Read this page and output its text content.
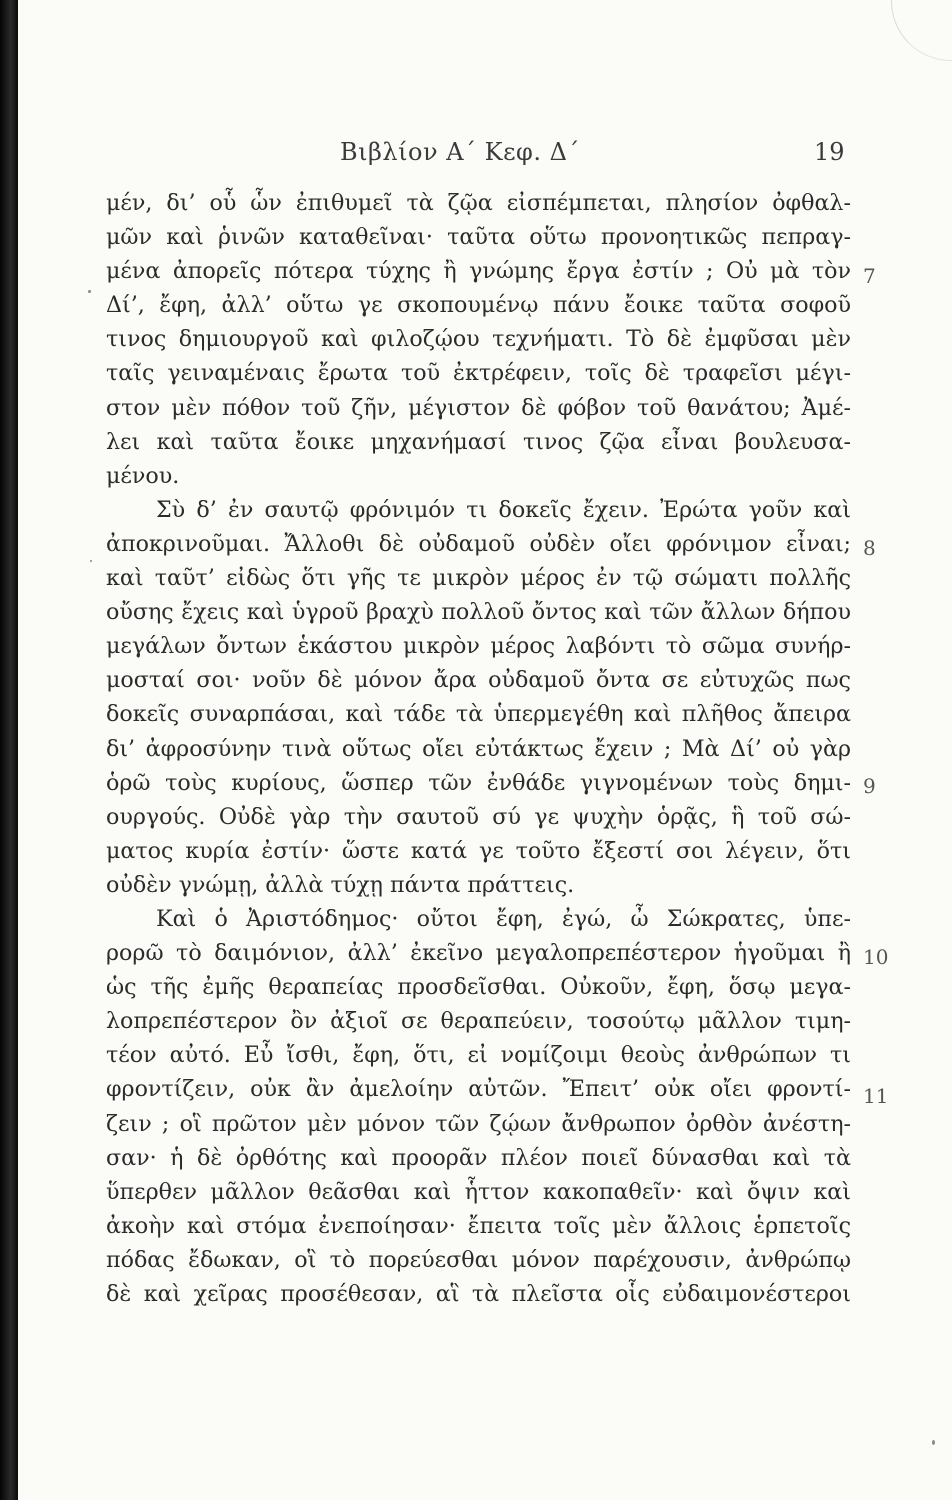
Βιβλίον Α΄ Κεφ. Δ΄	19
μέν, δι’ οὗ ὧν ἐπιθυμεῖ τὰ ζῷα εἰσπέμπεται, πλησίον ὀφθαλ-
μῶν καὶ ῥινῶν καταθεῖναι· ταῦτα οὕτω προνοητικῶς πεπραγ-
μένα ἀπορεῖς πότερα τύχης ἢ γνώμης ἔργα ἐστίν ; Οὐ μὰ τὸν
Δί’, ἔφη, ἀλλ’ οὕτω γε σκοπουμένῳ πάνυ ἔοικε ταῦτα σοφοῦ
τινος δημιουργοῦ καὶ φιλοζῴου τεχνήματι. Τὸ δὲ ἐμφῦσαι μὲν
ταῖς γειναμέναις ἔρωτα τοῦ ἐκτρέφειν, τοῖς δὲ τραφεῖσι μέγι-
στον μὲν πόθον τοῦ ζῆν, μέγιστον δὲ φόβον τοῦ θανάτου; Ἀμέ-
λει καὶ ταῦτα ἔοικε μηχανήμασί τινος ζῷα εἶναι βουλευσα-
μένου.
Σὺ δ’ ἐν σαυτῷ φρόνιμόν τι δοκεῖς ἔχειν. Ἐρώτα γοῦν καὶ
ἀποκρινοῦμαι. Ἄλλοθι δὲ οὐδαμοῦ οὐδὲν οἴει φρόνιμον εἶναι;
καὶ ταῦτ’ εἰδὼς ὅτι γῆς τε μικρὸν μέρος ἐν τῷ σώματι πολλῆς
οὔσης ἔχεις καὶ ὑγροῦ βραχὺ πολλοῦ ὄντος καὶ τῶν ἄλλων δήπου
μεγάλων ὄντων ἑκάστου μικρὸν μέρος λαβόντι τὸ σῶμα συνήρ-
μοσταί σοι· νοῦν δὲ μόνον ἄρα οὐδαμοῦ ὄντα σε εὐτυχῶς πως
δοκεῖς συναρπάσαι, καὶ τάδε τὰ ὑπερμεγέθη καὶ πλῆθος ἄπειρα
δι’ ἀφροσύνην τινὰ οὕτως οἴει εὐτάκτως ἔχειν ; Μὰ Δί’ οὐ γὰρ
ὁρῶ τοὺς κυρίους, ὥσπερ τῶν ἐνθάδε γιγνομένων τοὺς δημι-
ουργούς. Οὐδὲ γὰρ τὴν σαυτοῦ σύ γε ψυχὴν ὁρᾷς, ἣ τοῦ σώ-
ματος κυρία ἐστίν· ὥστε κατά γε τοῦτο ἔξεστί σοι λέγειν, ὅτι
οὐδὲν γνώμῃ, ἀλλὰ τύχῃ πάντα πράττεις.
Καὶ ὁ Ἀριστόδημος· οὔτοι ἔφη, ἐγώ, ὦ Σώκρατες, ὑπε-
ρορῶ τὸ δαιμόνιον, ἀλλ’ ἐκεῖνο μεγαλοπρεπέστερον ἡγοῦμαι ἢ
ὡς τῆς ἐμῆς θεραπείας προσδεῖσθαι. Οὐκοῦν, ἔφη, ὅσῳ μεγα-
λοπρεπέστερον ὂν ἀξιοῖ σε θεραπεύειν, τοσούτῳ μᾶλλον τιμη-
τέον αὐτό. Εὖ ἴσθι, ἔφη, ὅτι, εἰ νομίζοιμι θεοὺς ἀνθρώπων τι
φροντίζειν, οὐκ ἂν ἀμελοίην αὐτῶν. Ἔπειτ’ οὐκ οἴει φροντί-
ζειν ; οἳ πρῶτον μὲν μόνον τῶν ζῴων ἄνθρωπον ὀρθὸν ἀνέστη-
σαν· ἡ δὲ ὀρθότης καὶ προορᾶν πλέον ποιεῖ δύνασθαι καὶ τὰ
ὕπερθεν μᾶλλον θεᾶσθαι καὶ ἧττον κακοπαθεῖν· καὶ ὄψιν καὶ
ἀκοὴν καὶ στόμα ἐνεποίησαν· ἔπειτα τοῖς μὲν ἄλλοις ἑρπετοῖς
πόδας ἔδωκαν, οἳ τὸ πορεύεσθαι μόνον παρέχουσιν, ἀνθρώπῳ
δὲ καὶ χεῖρας προσέθεσαν, αἳ τὰ πλεῖστα οἷς εὐδαιμονέστεροι
7
8
9
10
11
